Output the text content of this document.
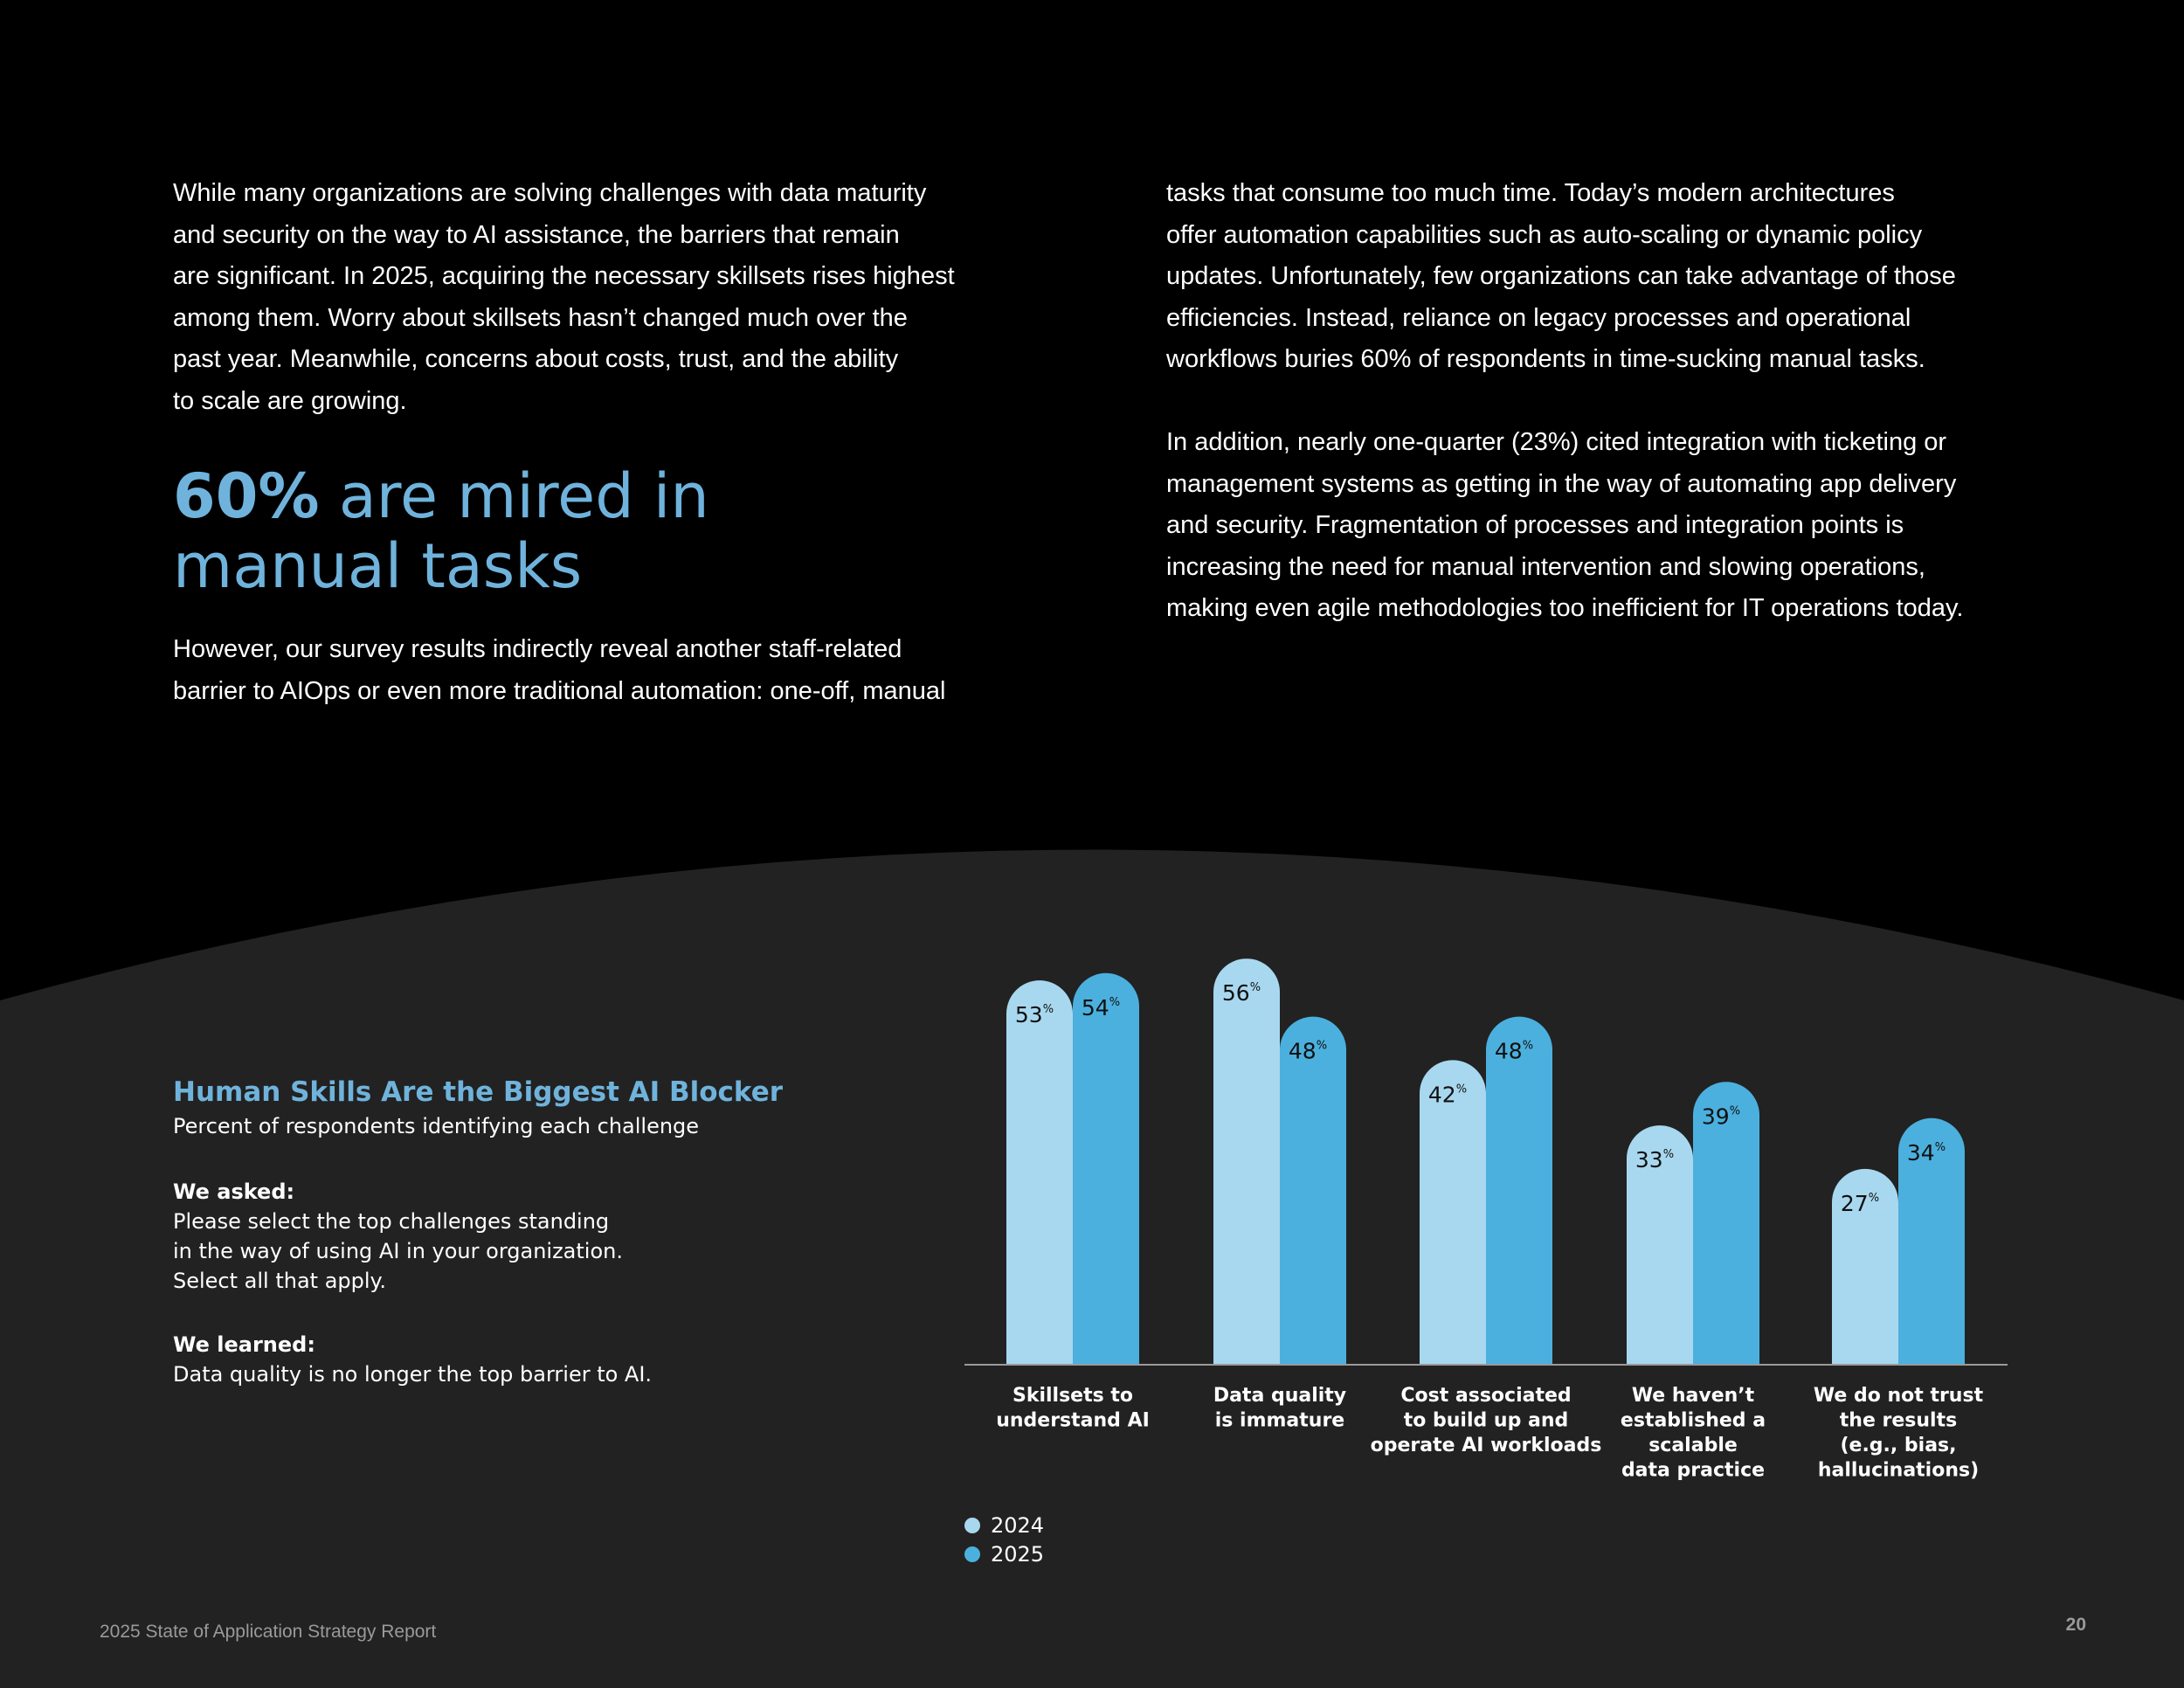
While many organizations are solving challenges with data maturity
and security on the way to AI assistance, the barriers that remain
are significant. In 2025, acquiring the necessary skillsets rises highest
among them. Worry about skillsets hasn’t changed much over the
past year. Meanwhile, concerns about costs, trust, and the ability
to scale are growing.
60% are mired in
manual tasks
However, our survey results indirectly reveal another staff-related
barrier to AIOps or even more traditional automation: one-off, manual

tasks that consume too much time. Today’s modern architectures
offer automation capabilities such as auto-scaling or dynamic policy
updates. Unfortunately, few organizations can take advantage of those
efficiencies. Instead, reliance on legacy processes and operational
workflows buries 60% of respondents in time-sucking manual tasks.

In addition, nearly one-quarter (23%) cited integration with ticketing or
management systems as getting in the way of automating app delivery
and security. Fragmentation of processes and integration points is
increasing the need for manual intervention and slowing operations,
making even agile methodologies too inefficient for IT operations today.

Human Skills Are the Biggest AI Blocker
Percent of respondents identifying each challenge
We asked:
Please select the top challenges standing
in the way of using AI in your organization.
Select all that apply.
We learned:
Data quality is no longer the top barrier to AI.
53% 54%
Skillsets to understand AI
56%
48%
Data quality is immature
42%
48%
Cost associated to build up and operate AI workloads
33%
39%
We haven’t established a scalable data practice
27%
34%
We do not trust the results (e.g., bias, hallucinations)
2024
2025
2025 State of Application Strategy Report	20
